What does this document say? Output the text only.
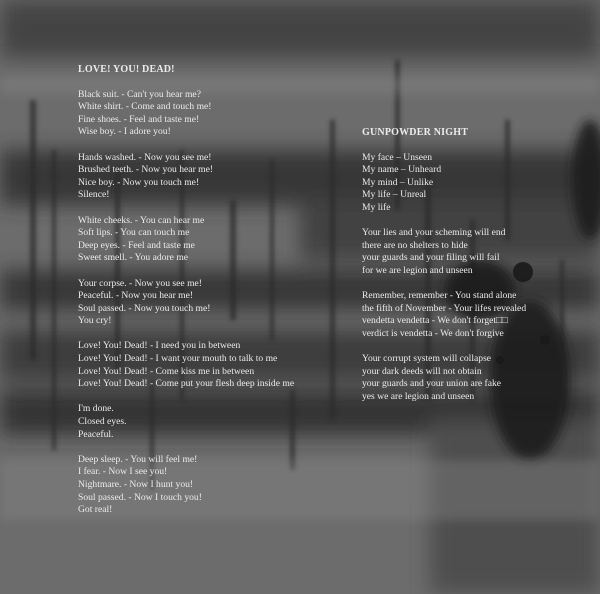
LOVE! YOU! DEAD!
Black suit. - Can't you hear me?
White shirt. - Come and touch me!
Fine shoes. - Feel and taste me!
Wise boy. - I adore you!
Hands washed. - Now you see me!
Brushed teeth. - Now you hear me!
Nice boy. - Now you touch me!
Silence!
White cheeks. - You can hear me
Soft lips. - You can touch me
Deep eyes. - Feel and taste me
Sweet smell. - You adore me
Your corpse. - Now you see me!
Peaceful. - Now you hear me!
Soul passed. - Now you touch me!
You cry!
Love! You! Dead! - I need you in between
Love! You! Dead! - I want your mouth to talk to me
Love! You! Dead! - Come kiss me in between
Love! You! Dead! - Come put your flesh deep inside me
I'm done.
Closed eyes.
Peaceful.
Deep sleep. - You will feel me!
I fear. - Now I see you!
Nightmare. - Now I hunt you!
Soul passed. - Now I touch you!
Got real!
GUNPOWDER NIGHT
My face – Unseen
My name – Unheard
My mind – Unlike
My life – Unreal
My life
Your lies and your scheming will end
there are no shelters to hide
your guards and your filing will fail
for we are legion and unseen
Remember, remember - You stand alone
the fifth of November - Your lifes revealed
vendetta vendetta - We don't forget□□
verdict is vendetta - We don't forgive
Your corrupt system will collapse
your dark deeds will not obtain
your guards and your union are fake
yes we are legion and unseen
